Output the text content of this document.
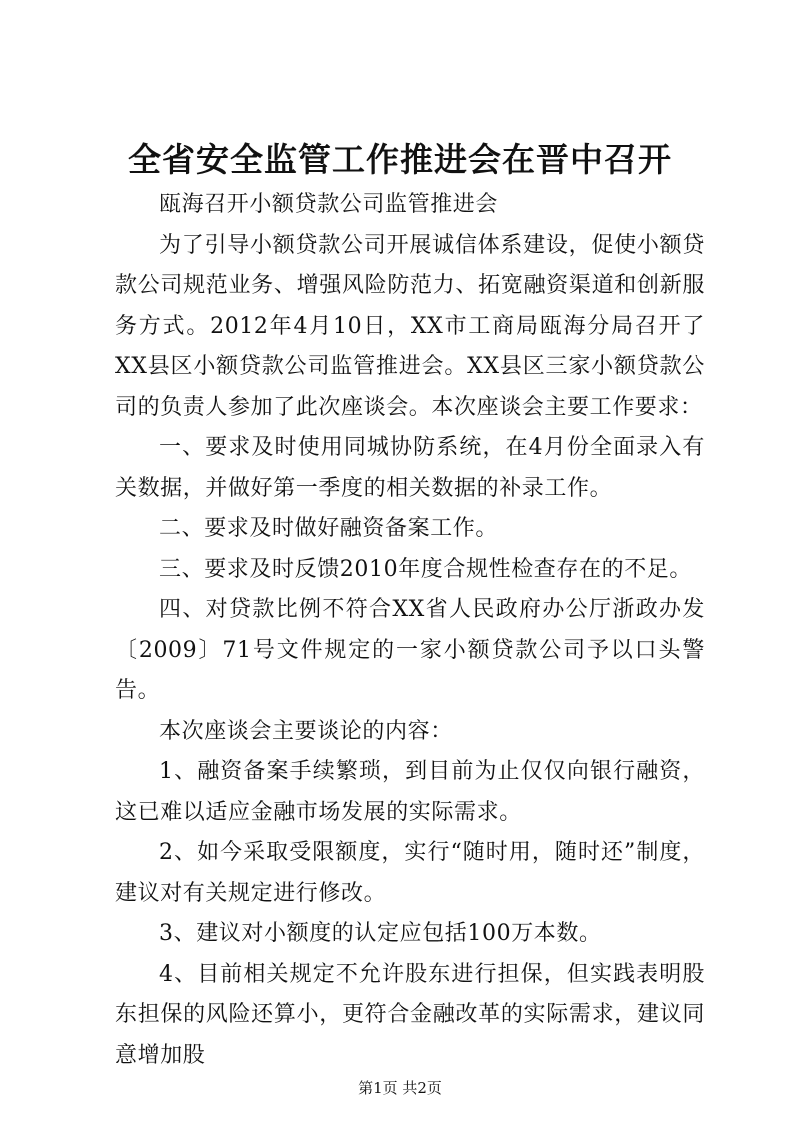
全省安全监管工作推进会在晋中召开

瓯海召开小额贷款公司监管推进会

为了引导小额贷款公司开展诚信体系建设，促使小额贷款公司规范业务、增强风险防范力、拓宽融资渠道和创新服务方式。2012年4月10日，XX市工商局瓯海分局召开了XX县区小额贷款公司监管推进会。XX县区三家小额贷款公司的负责人参加了此次座谈会。本次座谈会主要工作要求：

一、要求及时使用同城协防系统，在4月份全面录入有关数据，并做好第一季度的相关数据的补录工作。

二、要求及时做好融资备案工作。

三、要求及时反馈2010年度合规性检查存在的不足。

四、对贷款比例不符合XX省人民政府办公厅浙政办发〔2009〕71号文件规定的一家小额贷款公司予以口头警告。

本次座谈会主要谈论的内容：

1、融资备案手续繁琐，到目前为止仅仅向银行融资，这已难以适应金融市场发展的实际需求。

2、如今采取受限额度，实行“随时用，随时还”制度，建议对有关规定进行修改。

3、建议对小额度的认定应包括100万本数。

4、目前相关规定不允许股东进行担保，但实践表明股东担保的风险还算小，更符合金融改革的实际需求，建议同意增加股

第1页 共2页
